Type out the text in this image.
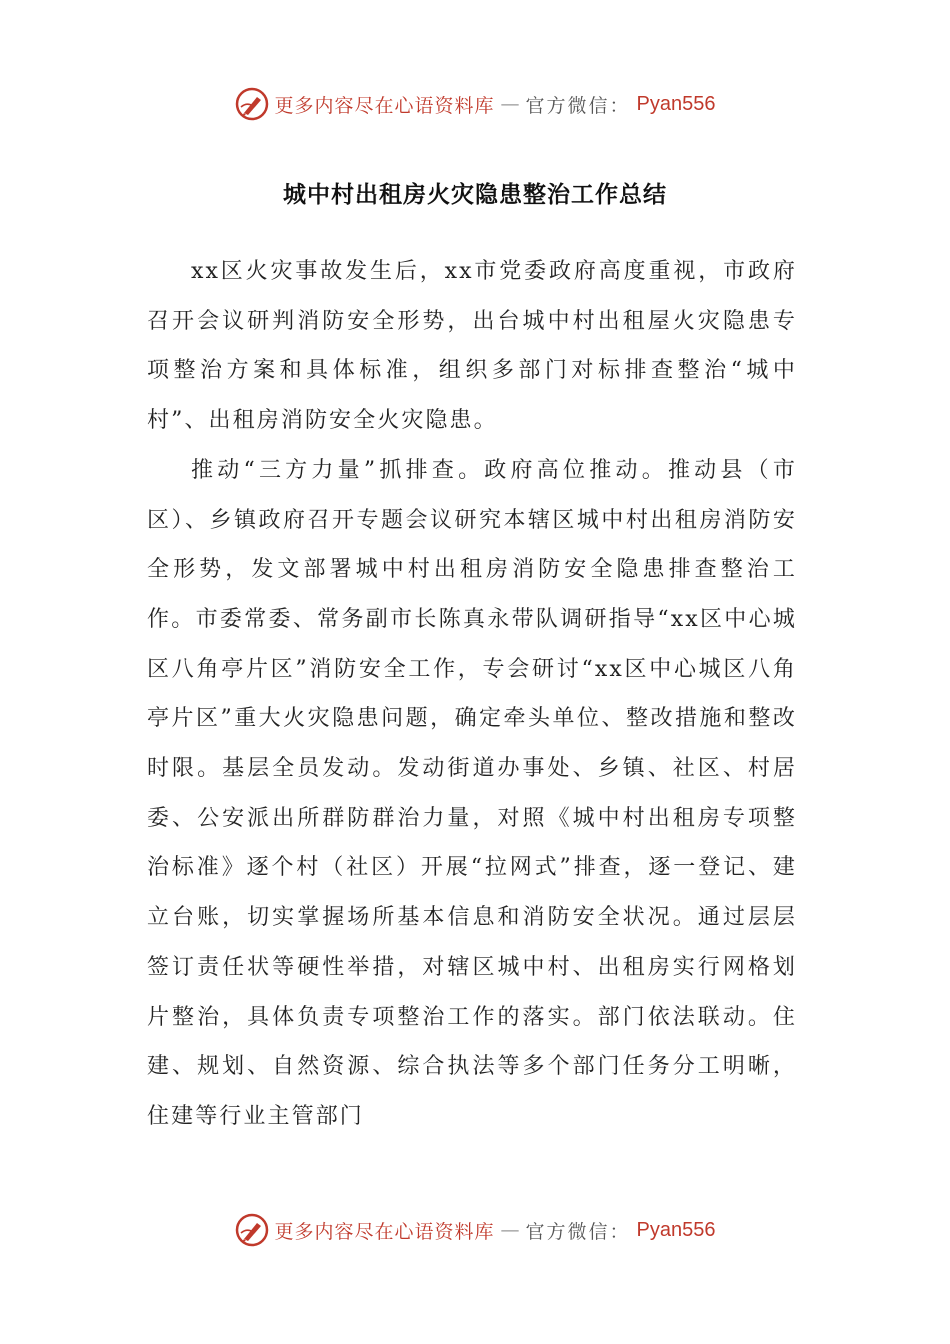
更多内容尽在心语资料库 — 官方微信： Pyan556
城中村出租房火灾隐患整治工作总结

xx区火灾事故发生后，xx市党委政府高度重视，市政府召开会议研判消防安全形势，出台城中村出租屋火灾隐患专项整治方案和具体标准，组织多部门对标排查整治“城中村”、出租房消防安全火灾隐患。

推动“三方力量”抓排查。政府高位推动。推动县（市区）、乡镇政府召开专题会议研究本辖区城中村出租房消防安全形势，发文部署城中村出租房消防安全隐患排查整治工作。市委常委、常务副市长陈真永带队调研指导“xx区中心城区八角亭片区”消防安全工作，专会研讨“xx区中心城区八角亭片区”重大火灾隐患问题，确定牵头单位、整改措施和整改时限。基层全员发动。发动街道办事处、乡镇、社区、村居委、公安派出所群防群治力量，对照《城中村出租房专项整治标准》逐个村（社区）开展“拉网式”排查，逐一登记、建立台账，切实掌握场所基本信息和消防安全状况。通过层层签订责任状等硬性举措，对辖区城中村、出租房实行网格划片整治，具体负责专项整治工作的落实。部门依法联动。住建、规划、自然资源、综合执法等多个部门任务分工明晰，住建等行业主管部门

更多内容尽在心语资料库 — 官方微信： Pyan556
